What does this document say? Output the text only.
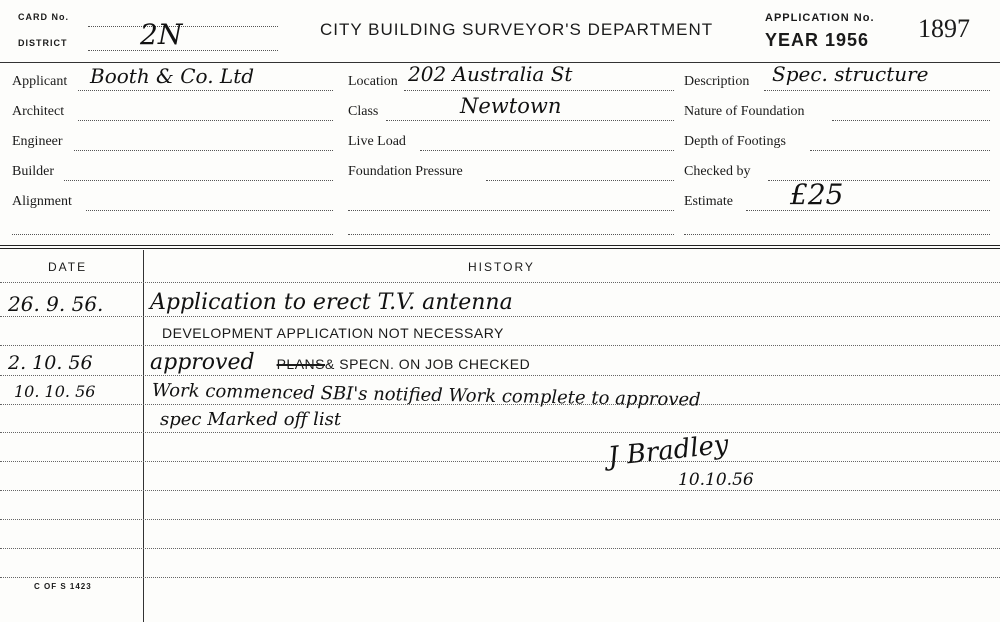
CARD No.
DISTRICT	2N	CITY BUILDING SURVEYOR'S DEPARTMENT
APPLICATION No.
YEAR 1956 1897
Applicant Booth & Co. Ltd
Architect
Engineer
Builder
Alignment
Location 202 Australia St
Class	Newtown
Live Load
Foundation Pressure
Description Spec. structure
Nature of Foundation
Depth of Footings
Checked by
Estimate £25
DATE	HISTORY
26. 9. 56. Application to erect T.V. antenna
DEVELOPMENT APPLICATION NOT NECESSARY
2. 10. 56	approved PLANS& SPECN. ON JOB CHECKED
10. 10. 56	Work commenced SBI's notified Work complete to approved
spec Marked off list
J Bradley
10.10.56
C OF S 1423
